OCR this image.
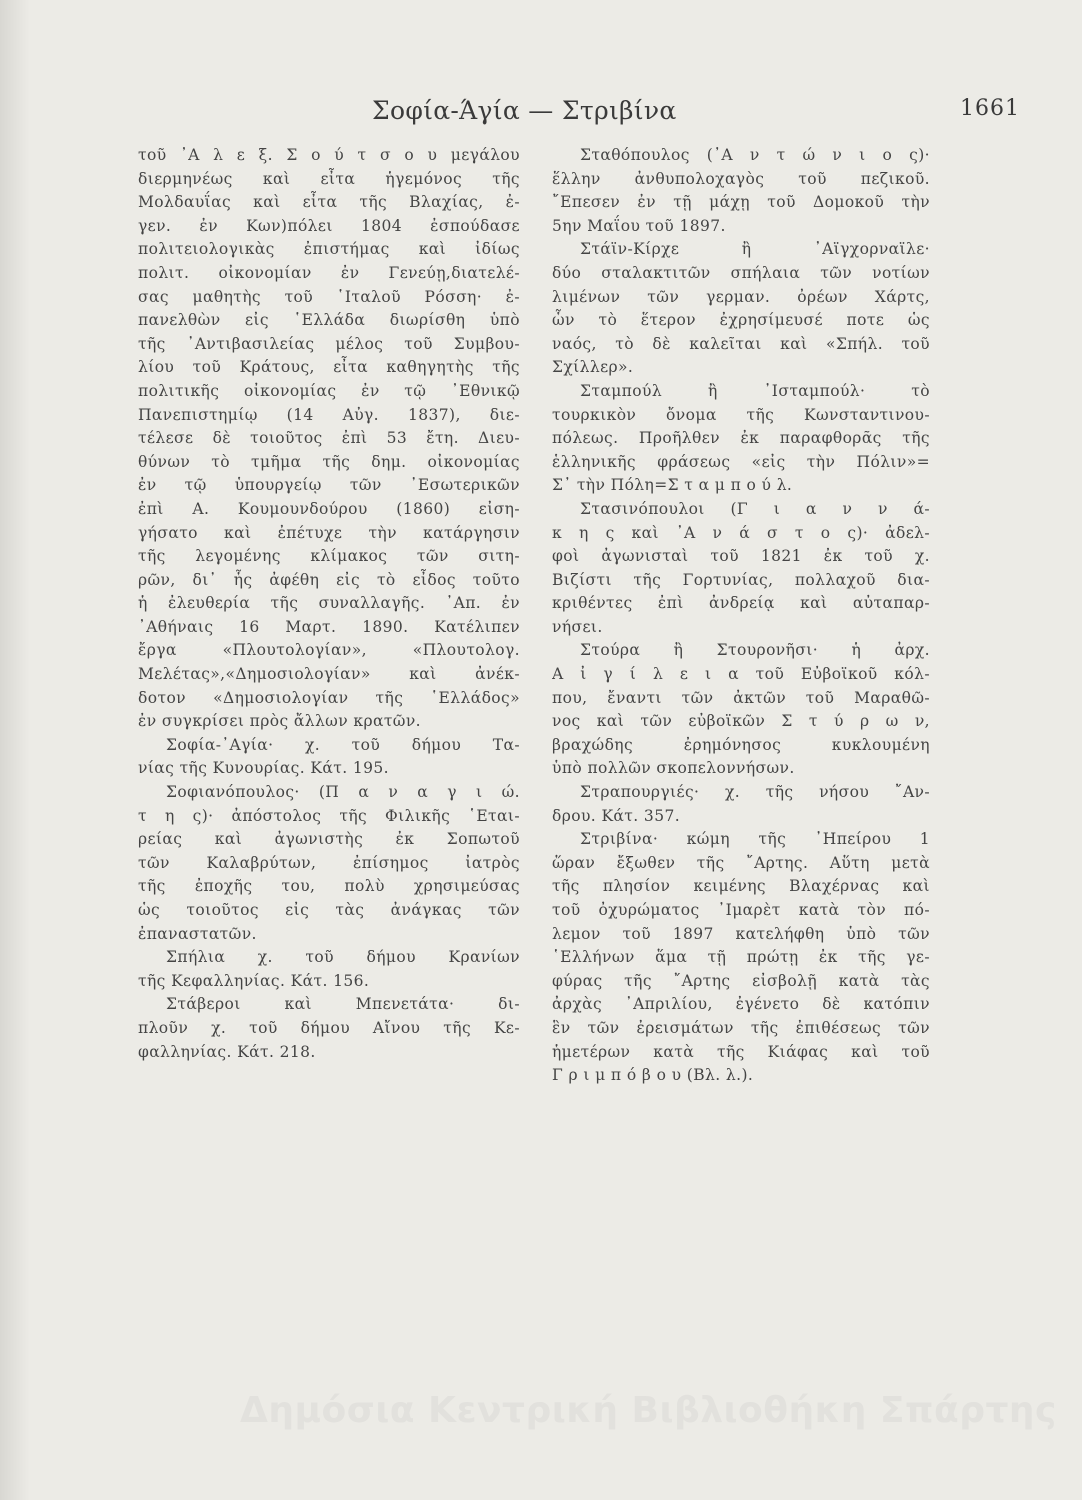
Σοφία-Άγία — Στριβίνα	1661
τοῦ ᾿Α λ ε ξ. Σ ο ύ τ σ ο υ μεγάλου
διερμηνέως καὶ εἶτα ἡγεμόνος τῆς
Μολδαυΐας καὶ εἶτα τῆς Βλαχίας, ἐ-
γεν. ἐν Κων)πόλει 1804 ἐσπούδασε
πολιτειολογικὰς ἐπιστήμας καὶ ἰδίως
πολιτ. οἰκονομίαν ἐν Γενεύῃ,διατελέ-
σας μαθητὴς τοῦ ῾Ιταλοῦ Ρόσση· ἐ-
πανελθὼν εἰς ῾Ελλάδα διωρίσθη ὑπὸ
τῆς ᾿Αντιβασιλείας μέλος τοῦ Συμβου-
λίου τοῦ Κράτους, εἶτα καθηγητὴς τῆς
πολιτικῆς οἰκονομίας ἐν τῷ ᾿Εθνικῷ
Πανεπιστημίῳ (14 Αὐγ. 1837), διε-
τέλεσε δὲ τοιοῦτος ἐπὶ 53 ἔτη. Διευ-
θύνων τὸ τμῆμα τῆς δημ. οἰκονομίας
ἐν τῷ ὑπουργείῳ τῶν ᾿Εσωτερικῶν
ἐπὶ Α. Κουμουνδούρου (1860) εἰση-
γήσατο καὶ ἐπέτυχε τὴν κατάργησιν
τῆς λεγομένης κλίμακος τῶν σιτη-
ρῶν, δι᾿ ἧς ἀφέθη εἰς τὸ εἶδος τοῦτο
ἡ ἐλευθερία τῆς συναλλαγῆς. ᾿Απ. ἐν
᾿Αθήναις 16 Μαρτ. 1890. Κατέλιπεν
ἔργα «Πλουτολογίαν», «Πλουτολογ.
Μελέτας»,«Δημοσιολογίαν» καὶ ἀνέκ-
δοτον «Δημοσιολογίαν τῆς ῾Ελλάδος»
ἐν συγκρίσει πρὸς ἄλλων κρατῶν.
Σοφία-᾿Αγία· χ. τοῦ δήμου Τα-
νίας τῆς Κυνουρίας. Κάτ. 195.
Σοφιανόπουλος· (Π α ν α γ ι ώ.
τ η ς)· ἀπόστολος τῆς Φιλικῆς ῾Εται-
ρείας καὶ ἀγωνιστὴς ἐκ Σοπωτοῦ
τῶν Καλαβρύτων, ἐπίσημος ἰατρὸς
τῆς ἐποχῆς του, πολὺ χρησιμεύσας
ὡς τοιοῦτος εἰς τὰς ἀνάγκας τῶν
ἐπαναστατῶν.
Σπήλια χ. τοῦ δήμου Κρανίων
τῆς Κεφαλληνίας. Κάτ. 156.
Στάβεροι καὶ Μπενετάτα· δι-
πλοῦν χ. τοῦ δήμου Αἴνου τῆς Κε-
φαλληνίας. Κάτ. 218.
Σταθόπουλος (᾿Α ν τ ώ ν ι ο ς)·
ἕλλην ἀνθυπολοχαγὸς τοῦ πεζικοῦ.
῎Επεσεν ἐν τῇ μάχῃ τοῦ Δομοκοῦ τὴν
5ην Μαΐου τοῦ 1897.
Στάϊν-Κίρχε ἢ ᾿Αϊγχορναϊλε·
δύο σταλακτιτῶν σπήλαια τῶν νοτίων
λιμένων τῶν γερμαν. ὀρέων Χάρτς,
ὧν τὸ ἕτερον ἐχρησίμευσέ ποτε ὡς
ναός, τὸ δὲ καλεῖται καὶ «Σπήλ. τοῦ
Σχίλλερ».
Σταμπούλ ἢ ᾿Ισταμπούλ· τὸ
τουρκικὸν ὄνομα τῆς Κωνσταντινου-
πόλεως. Προῆλθεν ἐκ παραφθορᾶς τῆς
ἑλληνικῆς φράσεως «εἰς τὴν Πόλιν»=
Σ᾿ τὴν Πόλη=Σ τ α μ π ο ύ λ.
Στασινόπουλοι (Γ ι α ν ν ά-
κ η ς καὶ ᾿Α ν ά σ τ ο ς)· ἀδελ-
φοὶ ἀγωνισταὶ τοῦ 1821 ἐκ τοῦ χ.
Βιζίστι τῆς Γορτυνίας, πολλαχοῦ δια-
κριθέντες ἐπὶ ἀνδρείᾳ καὶ αὐταπαρ-
νήσει.
Στούρα ἢ Στουρονῆσι· ἡ ἀρχ.
Α ἰ γ ί λ ε ι α τοῦ Εὐβοϊκοῦ κόλ-
που, ἔναντι τῶν ἀκτῶν τοῦ Μαραθῶ-
νος καὶ τῶν εὐβοϊκῶν Σ τ ύ ρ ω ν,
βραχώδης ἐρημόνησος κυκλουμένη
ὑπὸ πολλῶν σκοπελοννήσων.
Στραπουργιές· χ. τῆς νήσου ῎Αν-
δρου. Κάτ. 357.
Στριβίνα· κώμη τῆς ᾿Ηπείρου 1
ὥραν ἔξωθεν τῆς ῎Αρτης. Αὕτη μετὰ
τῆς πλησίον κειμένης Βλαχέρνας καὶ
τοῦ ὀχυρώματος ᾿Ιμαρὲτ κατὰ τὸν πό-
λεμον τοῦ 1897 κατελήφθη ὑπὸ τῶν
῾Ελλήνων ἅμα τῇ πρώτῃ ἐκ τῆς γε-
φύρας τῆς ῎Αρτης εἰσβολῇ κατὰ τὰς
ἀρχὰς ᾿Απριλίου, ἐγένετο δὲ κατόπιν
ἓν τῶν ἐρεισμάτων τῆς ἐπιθέσεως τῶν
ἡμετέρων κατὰ τῆς Κιάφας καὶ τοῦ
Γ ρ ι μ π ό β ο υ (Βλ. λ.).
Δημόσια Κεντρική Βιβλιοθήκη Σπάρτης
